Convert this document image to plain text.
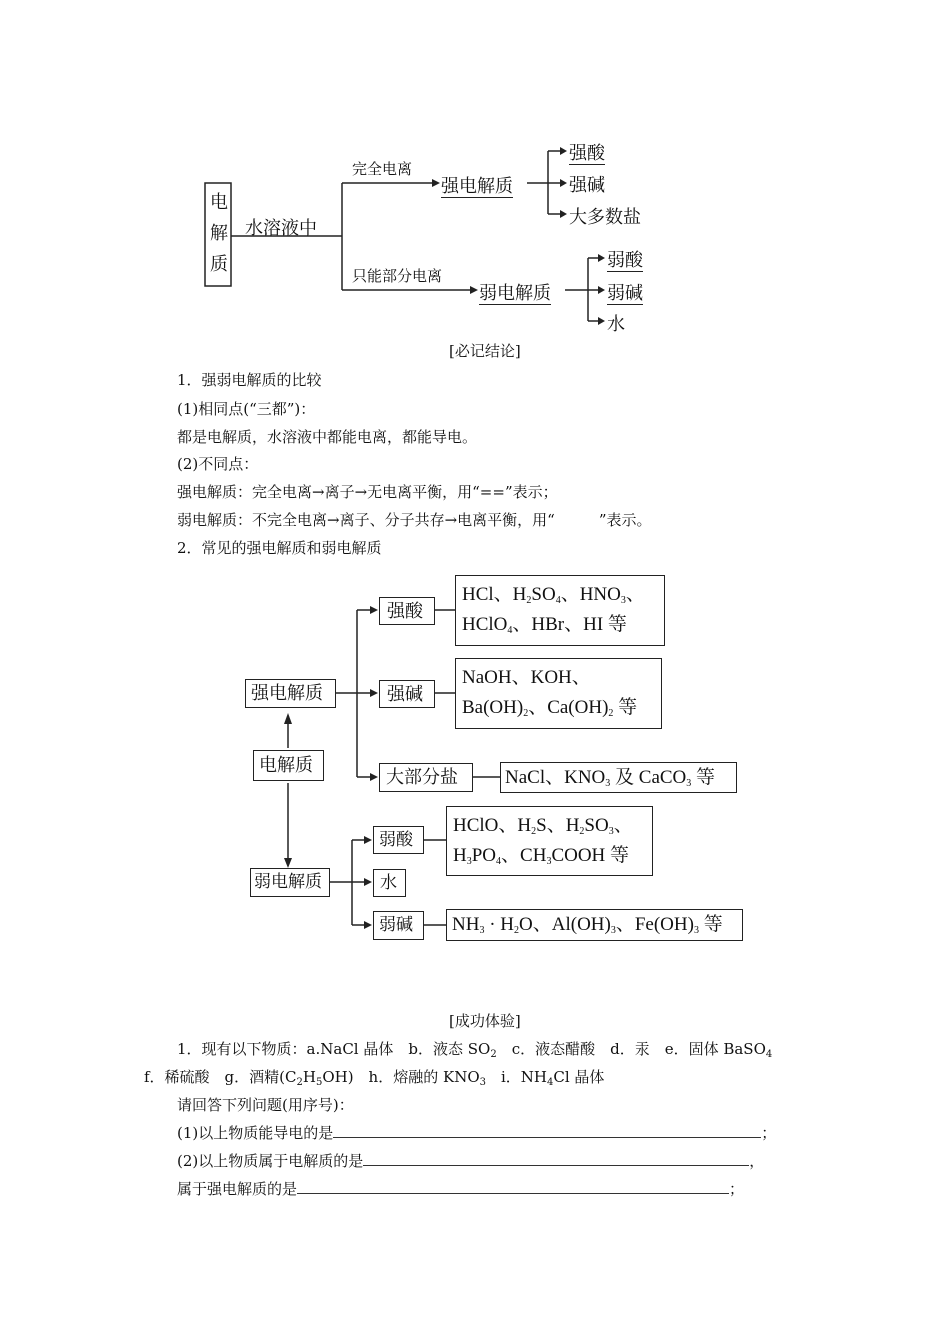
电
解
质
水溶液中
完全电离
强电解质
强酸
强碱
大多数盐
只能部分电离
弱电解质
弱酸
弱碱
水
[必记结论]
1．强弱电解质的比较
(1)相同点(“三都”)：
都是电解质，水溶液中都能电离，都能导电。
(2)不同点：
强电解质：完全电离→离子→无电离平衡，用“==”表示；
弱电解质：不完全电离→离子、分子共存→电离平衡，用“	”表示。
2．常见的强电解质和弱电解质
强电解质
电解质
弱电解质
强酸
强碱
大部分盐
弱酸
水
弱碱
HCl、$H_2SO_4$、$HNO_3$、
HClO$_4$、HBr、HI 等
NaOH、KOH、
$Ba(OH)_2$、$Ca(OH)_2$ 等
NaCl、$KNO_3$ 及 CaCO$_3$ 等
HClO、$H_2S$、$H_2SO_3$、
$H_3PO_4$、$CH_3COOH$ 等
$NH_3 \cdot H_2O$、$Al(OH)_3$、$Fe(OH)_3$ 等
[成功体验]
1．现有以下物质：a.NaCl 晶体　b．液态 $SO_2$　c．液态醋酸　d．汞　e．固体 BaSO$_4$
f．稀硫酸　g．酒精$(C_2H_5OH)$　h．熔融的 $KNO_3$　i．$NH_4Cl$ 晶体
请回答下列问题(用序号)：
(1)以上物质能导电的是	；
(2)以上物质属于电解质的是	，
属于强电解质的是	；
